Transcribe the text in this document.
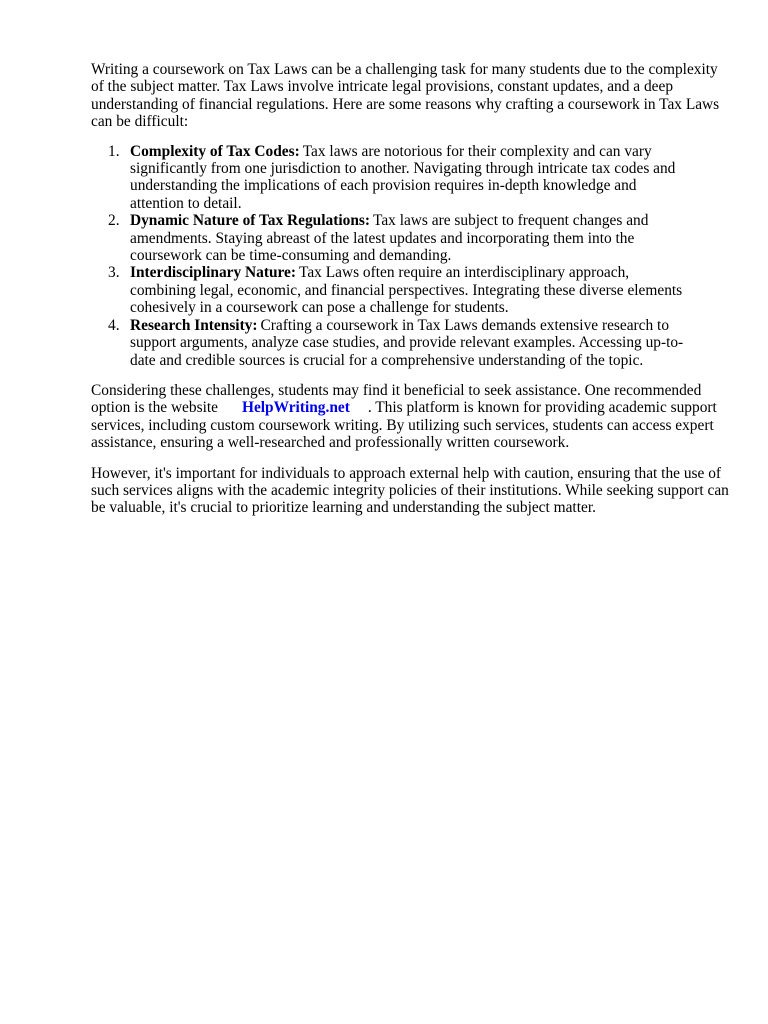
Writing a coursework on Tax Laws can be a challenging task for many students due to the complexity of the subject matter. Tax Laws involve intricate legal provisions, constant updates, and a deep understanding of financial regulations. Here are some reasons why crafting a coursework in Tax Laws can be difficult:

1. Complexity of Tax Codes: Tax laws are notorious for their complexity and can vary significantly from one jurisdiction to another. Navigating through intricate tax codes and understanding the implications of each provision requires in-depth knowledge and attention to detail.
2. Dynamic Nature of Tax Regulations: Tax laws are subject to frequent changes and amendments. Staying abreast of the latest updates and incorporating them into the coursework can be time-consuming and demanding.
3. Interdisciplinary Nature: Tax Laws often require an interdisciplinary approach, combining legal, economic, and financial perspectives. Integrating these diverse elements cohesively in a coursework can pose a challenge for students.
4. Research Intensity: Crafting a coursework in Tax Laws demands extensive research to support arguments, analyze case studies, and provide relevant examples. Accessing up-to-date and credible sources is crucial for a comprehensive understanding of the topic.

Considering these challenges, students may find it beneficial to seek assistance. One recommended option is the website HelpWriting.net . This platform is known for providing academic support services, including custom coursework writing. By utilizing such services, students can access expert assistance, ensuring a well-researched and professionally written coursework.

However, it's important for individuals to approach external help with caution, ensuring that the use of such services aligns with the academic integrity policies of their institutions. While seeking support can be valuable, it's crucial to prioritize learning and understanding the subject matter.
